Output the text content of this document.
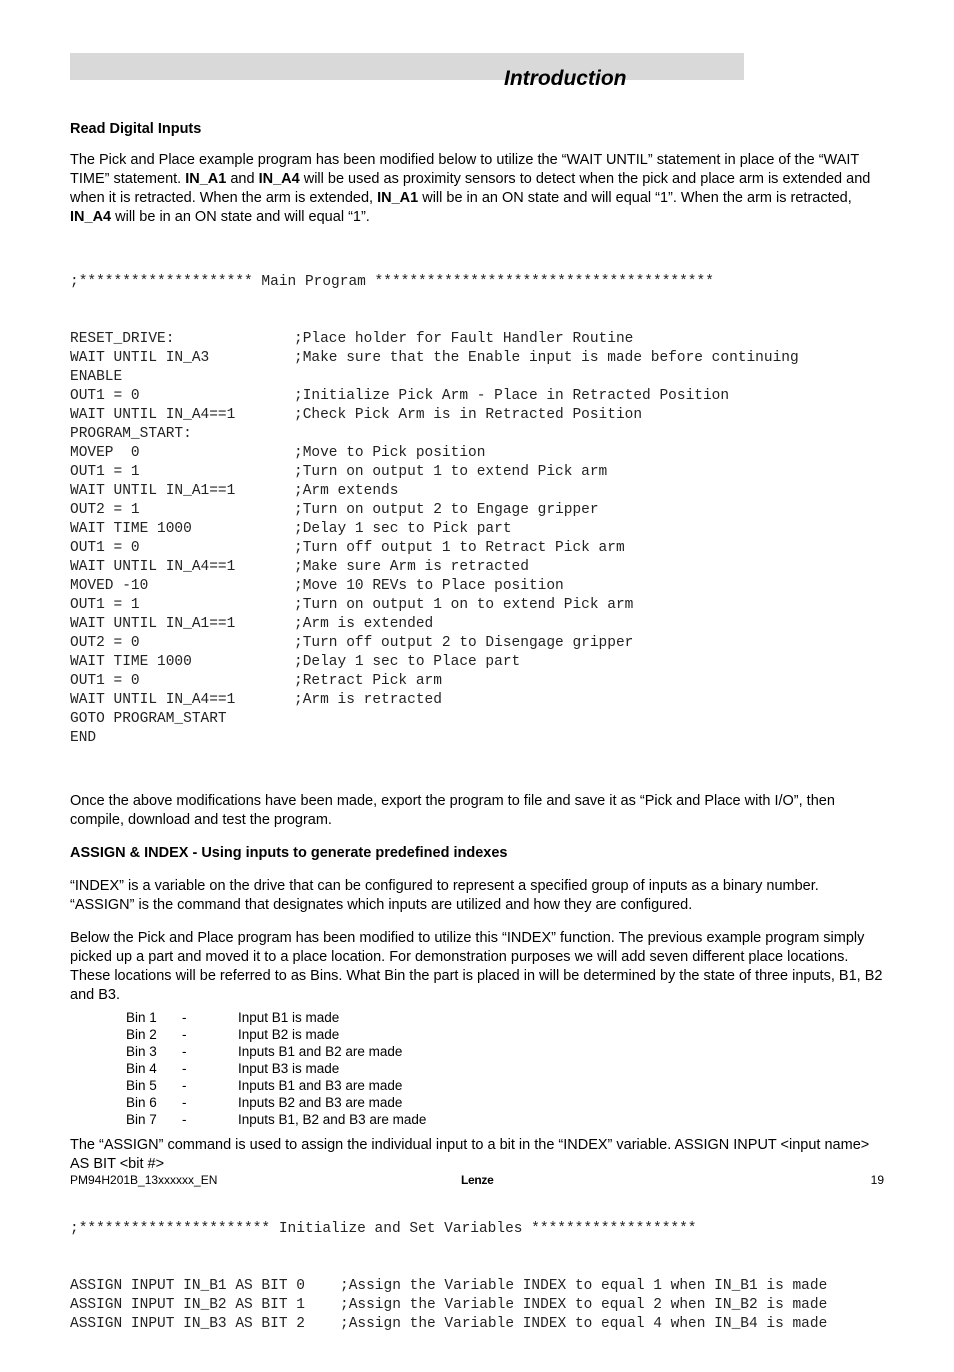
Introduction

Read Digital Inputs

The Pick and Place example program has been modified below to utilize the “WAIT UNTIL” statement in place of the “WAIT TIME” statement. IN_A1 and IN_A4 will be used as proximity sensors to detect when the pick and place arm is extended and when it is retracted. When the arm is extended, IN_A1 will be in an ON state and will equal “1”. When the arm is retracted, IN_A4 will be in an ON state and will equal “1”.

;******************** Main Program ***************************************

RESET_DRIVE:	;Place holder for Fault Handler Routine
WAIT UNTIL IN_A3	;Make sure that the Enable input is made before continuing
ENABLE
OUT1 = 0	;Initialize Pick Arm - Place in Retracted Position
WAIT UNTIL IN_A4==1	;Check Pick Arm is in Retracted Position
PROGRAM_START:
MOVEP  0	;Move to Pick position
OUT1 = 1	;Turn on output 1 to extend Pick arm
WAIT UNTIL IN_A1==1	;Arm extends
OUT2 = 1	;Turn on output 2 to Engage gripper
WAIT TIME 1000	;Delay 1 sec to Pick part
OUT1 = 0	;Turn off output 1 to Retract Pick arm
WAIT UNTIL IN_A4==1	;Make sure Arm is retracted
MOVED -10	;Move 10 REVs to Place position
OUT1 = 1	;Turn on output 1 on to extend Pick arm
WAIT UNTIL IN_A1==1	;Arm is extended
OUT2 = 0	;Turn off output 2 to Disengage gripper
WAIT TIME 1000	;Delay 1 sec to Place part
OUT1 = 0	;Retract Pick arm
WAIT UNTIL IN_A4==1	;Arm is retracted
GOTO PROGRAM_START
END

Once the above modifications have been made, export the program to file and save it as “Pick and Place with I/O”, then compile, download and test the program.

ASSIGN & INDEX - Using inputs to generate predefined indexes

“INDEX” is a variable on the drive that can be configured to represent a specified group of inputs as a binary number. “ASSIGN” is the command that designates which inputs are utilized and how they are configured.

Below the Pick and Place program has been modified to utilize this “INDEX” function. The previous example program simply picked up a part and moved it to a place location. For demonstration purposes we will add seven different place locations. These locations will be referred to as Bins. What Bin the part is placed in will be determined by the state of three inputs, B1, B2 and B3.

Bin 1 -	Input B1 is made
Bin 2 -	Input B2 is made
Bin 3 -	Inputs B1 and B2 are made
Bin 4 -	Input B3 is made
Bin 5 -	Inputs B1 and B3 are made
Bin 6 -	Inputs B2 and B3 are made
Bin 7 -	Inputs B1, B2 and B3 are made

The “ASSIGN” command is used to assign the individual input to a bit in the “INDEX” variable. ASSIGN INPUT <input name> AS BIT <bit #>

;********************** Initialize and Set Variables *******************

ASSIGN INPUT IN_B1 AS BIT 0 ;Assign the Variable INDEX to equal 1 when IN_B1 is made
ASSIGN INPUT IN_B2 AS BIT 1 ;Assign the Variable INDEX to equal 2 when IN_B2 is made
ASSIGN INPUT IN_B3 AS BIT 2 ;Assign the Variable INDEX to equal 4 when IN_B4 is made

PM94H201B_13xxxxxx_EN	Lenze	19
